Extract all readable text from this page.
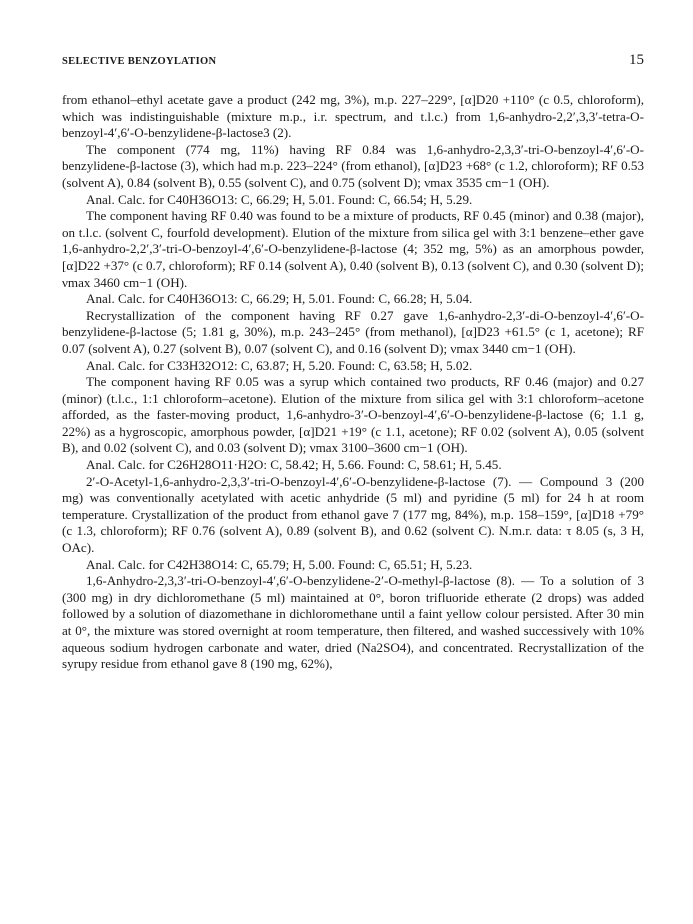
SELECTIVE BENZOYLATION	15

from ethanol–ethyl acetate gave a product (242 mg, 3%), m.p. 227–229°, [α]D20 +110° (c 0.5, chloroform), which was indistinguishable (mixture m.p., i.r. spectrum, and t.l.c.) from 1,6-anhydro-2,2′,3,3′-tetra-O-benzoyl-4′,6′-O-benzylidene-β-lactose3 (2).

The component (774 mg, 11%) having RF 0.84 was 1,6-anhydro-2,3,3′-tri-O-benzoyl-4′,6′-O-benzylidene-β-lactose (3), which had m.p. 223–224° (from ethanol), [α]D23 +68° (c 1.2, chloroform); RF 0.53 (solvent A), 0.84 (solvent B), 0.55 (solvent C), and 0.75 (solvent D); νmax 3535 cm−1 (OH).

Anal. Calc. for C40H36O13: C, 66.29; H, 5.01. Found: C, 66.54; H, 5.29.

The component having RF 0.40 was found to be a mixture of products, RF 0.45 (minor) and 0.38 (major), on t.l.c. (solvent C, fourfold development). Elution of the mixture from silica gel with 3:1 benzene–ether gave 1,6-anhydro-2,2′,3′-tri-O-benzoyl-4′,6′-O-benzylidene-β-lactose (4; 352 mg, 5%) as an amorphous powder, [α]D22 +37° (c 0.7, chloroform); RF 0.14 (solvent A), 0.40 (solvent B), 0.13 (solvent C), and 0.30 (solvent D); νmax 3460 cm−1 (OH).

Anal. Calc. for C40H36O13: C, 66.29; H, 5.01. Found: C, 66.28; H, 5.04.

Recrystallization of the component having RF 0.27 gave 1,6-anhydro-2,3′-di-O-benzoyl-4′,6′-O-benzylidene-β-lactose (5; 1.81 g, 30%), m.p. 243–245° (from methanol), [α]D23 +61.5° (c 1, acetone); RF 0.07 (solvent A), 0.27 (solvent B), 0.07 (solvent C), and 0.16 (solvent D); νmax 3440 cm−1 (OH).

Anal. Calc. for C33H32O12: C, 63.87; H, 5.20. Found: C, 63.58; H, 5.02.

The component having RF 0.05 was a syrup which contained two products, RF 0.46 (major) and 0.27 (minor) (t.l.c., 1:1 chloroform–acetone). Elution of the mixture from silica gel with 3:1 chloroform–acetone afforded, as the faster-moving product, 1,6-anhydro-3′-O-benzoyl-4′,6′-O-benzylidene-β-lactose (6; 1.1 g, 22%) as a hygroscopic, amorphous powder, [α]D21 +19° (c 1.1, acetone); RF 0.02 (solvent A), 0.05 (solvent B), and 0.02 (solvent C), and 0.03 (solvent D); νmax 3100–3600 cm−1 (OH).

Anal. Calc. for C26H28O11·H2O: C, 58.42; H, 5.66. Found: C, 58.61; H, 5.45.

2′-O-Acetyl-1,6-anhydro-2,3,3′-tri-O-benzoyl-4′,6′-O-benzylidene-β-lactose (7). — Compound 3 (200 mg) was conventionally acetylated with acetic anhydride (5 ml) and pyridine (5 ml) for 24 h at room temperature. Crystallization of the product from ethanol gave 7 (177 mg, 84%), m.p. 158–159°, [α]D18 +79° (c 1.3, chloroform); RF 0.76 (solvent A), 0.89 (solvent B), and 0.62 (solvent C). N.m.r. data: τ 8.05 (s, 3 H, OAc).

Anal. Calc. for C42H38O14: C, 65.79; H, 5.00. Found: C, 65.51; H, 5.23.

1,6-Anhydro-2,3,3′-tri-O-benzoyl-4′,6′-O-benzylidene-2′-O-methyl-β-lactose (8). — To a solution of 3 (300 mg) in dry dichloromethane (5 ml) maintained at 0°, boron trifluoride etherate (2 drops) was added followed by a solution of diazomethane in dichloromethane until a faint yellow colour persisted. After 30 min at 0°, the mixture was stored overnight at room temperature, then filtered, and washed successively with 10% aqueous sodium hydrogen carbonate and water, dried (Na2SO4), and concentrated. Recrystallization of the syrupy residue from ethanol gave 8 (190 mg, 62%),
